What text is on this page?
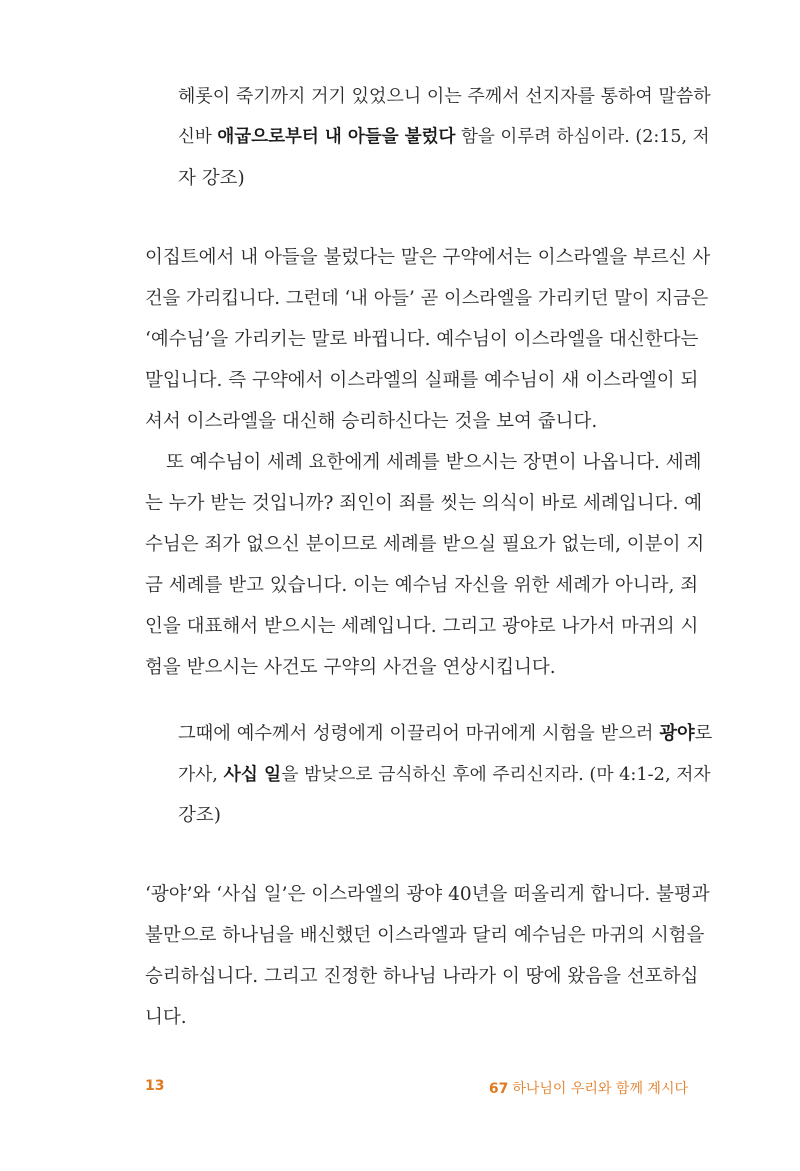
헤롯이 죽기까지 거기 있었으니 이는 주께서 선지자를 통하여 말씀하
신바 애굽으로부터 내 아들을 불렀다 함을 이루려 하심이라. (2:15, 저
자 강조)
이집트에서 내 아들을 불렀다는 말은 구약에서는 이스라엘을 부르신 사
건을 가리킵니다. 그런데 ‘내 아들’ 곧 이스라엘을 가리키던 말이 지금은
‘예수님’을 가리키는 말로 바뀝니다. 예수님이 이스라엘을 대신한다는
말입니다. 즉 구약에서 이스라엘의 실패를 예수님이 새 이스라엘이 되
셔서 이스라엘을 대신해 승리하신다는 것을 보여 줍니다.
또 예수님이 세례 요한에게 세례를 받으시는 장면이 나옵니다. 세례
는 누가 받는 것입니까? 죄인이 죄를 씻는 의식이 바로 세례입니다. 예
수님은 죄가 없으신 분이므로 세례를 받으실 필요가 없는데, 이분이 지
금 세례를 받고 있습니다. 이는 예수님 자신을 위한 세례가 아니라, 죄
인을 대표해서 받으시는 세례입니다. 그리고 광야로 나가서 마귀의 시
험을 받으시는 사건도 구약의 사건을 연상시킵니다.
그때에 예수께서 성령에게 이끌리어 마귀에게 시험을 받으러 광야로
가사, 사십 일을 밤낮으로 금식하신 후에 주리신지라. (마 4:1-2, 저자
강조)
‘광야’와 ‘사십 일’은 이스라엘의 광야 40년을 떠올리게 합니다. 불평과
불만으로 하나님을 배신했던 이스라엘과 달리 예수님은 마귀의 시험을
승리하십니다. 그리고 진정한 하나님 나라가 이 땅에 왔음을 선포하십
니다.
13	67 하나님이 우리와 함께 계시다
